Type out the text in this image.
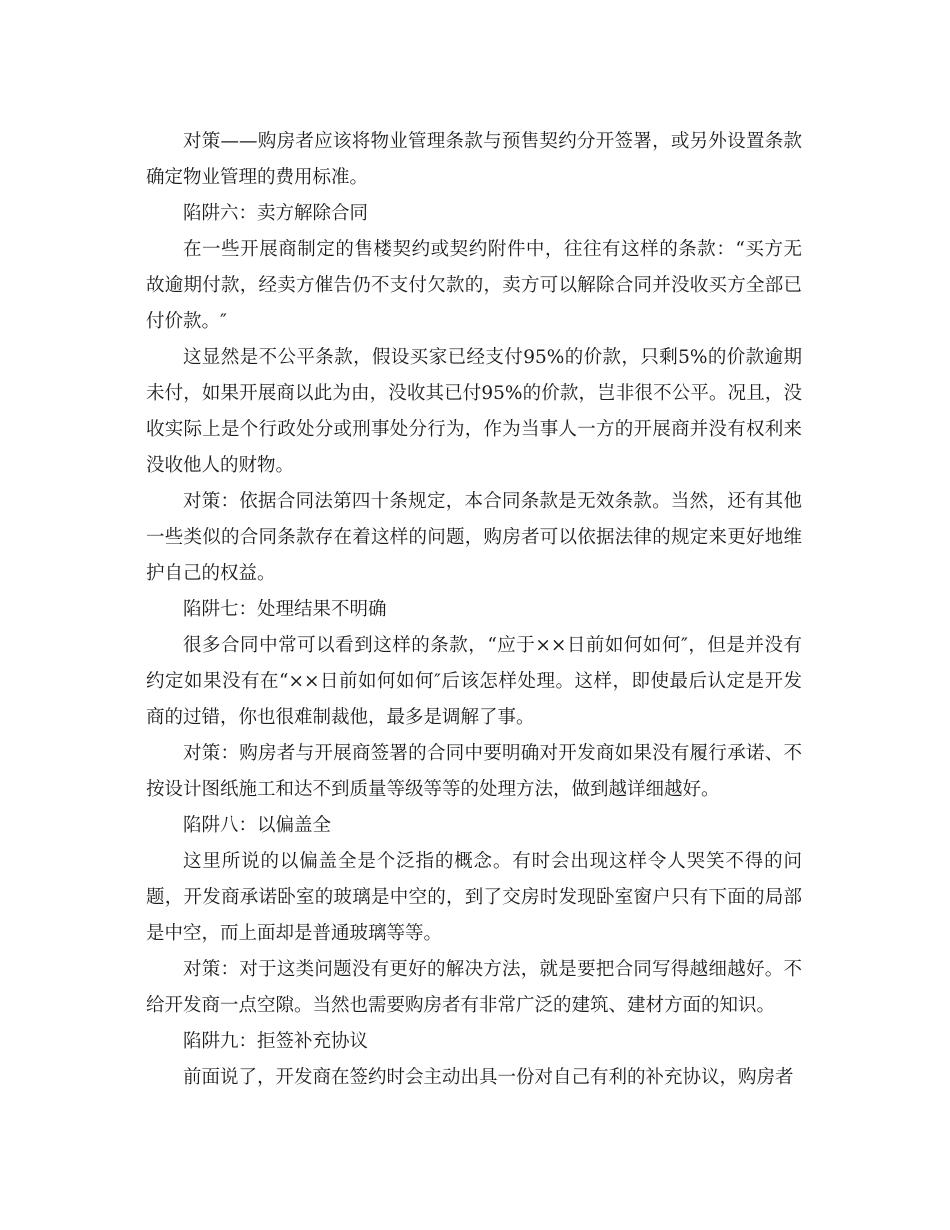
对策——购房者应该将物业管理条款与预售契约分开签署，或另外设置条款确定物业管理的费用标准。

陷阱六：卖方解除合同

在一些开展商制定的售楼契约或契约附件中，往往有这样的条款：“买方无故逾期付款，经卖方催告仍不支付欠款的，卖方可以解除合同并没收买方全部已付价款。″

这显然是不公平条款，假设买家已经支付95%的价款，只剩5%的价款逾期未付，如果开展商以此为由，没收其已付95%的价款，岂非很不公平。况且，没收实际上是个行政处分或刑事处分行为，作为当事人一方的开展商并没有权利来没收他人的财物。

对策：依据合同法第四十条规定，本合同条款是无效条款。当然，还有其他一些类似的合同条款存在着这样的问题，购房者可以依据法律的规定来更好地维护自己的权益。

陷阱七：处理结果不明确

很多合同中常可以看到这样的条款，“应于××日前如何如何″，但是并没有约定如果没有在“××日前如何如何″后该怎样处理。这样，即使最后认定是开发商的过错，你也很难制裁他，最多是调解了事。

对策：购房者与开展商签署的合同中要明确对开发商如果没有履行承诺、不按设计图纸施工和达不到质量等级等等的处理方法，做到越详细越好。

陷阱八：以偏盖全

这里所说的以偏盖全是个泛指的概念。有时会出现这样令人哭笑不得的问题，开发商承诺卧室的玻璃是中空的，到了交房时发现卧室窗户只有下面的局部是中空，而上面却是普通玻璃等等。

对策：对于这类问题没有更好的解决方法，就是要把合同写得越细越好。不给开发商一点空隙。当然也需要购房者有非常广泛的建筑、建材方面的知识。

陷阱九：拒签补充协议

前面说了，开发商在签约时会主动出具一份对自己有利的补充协议，购房者
